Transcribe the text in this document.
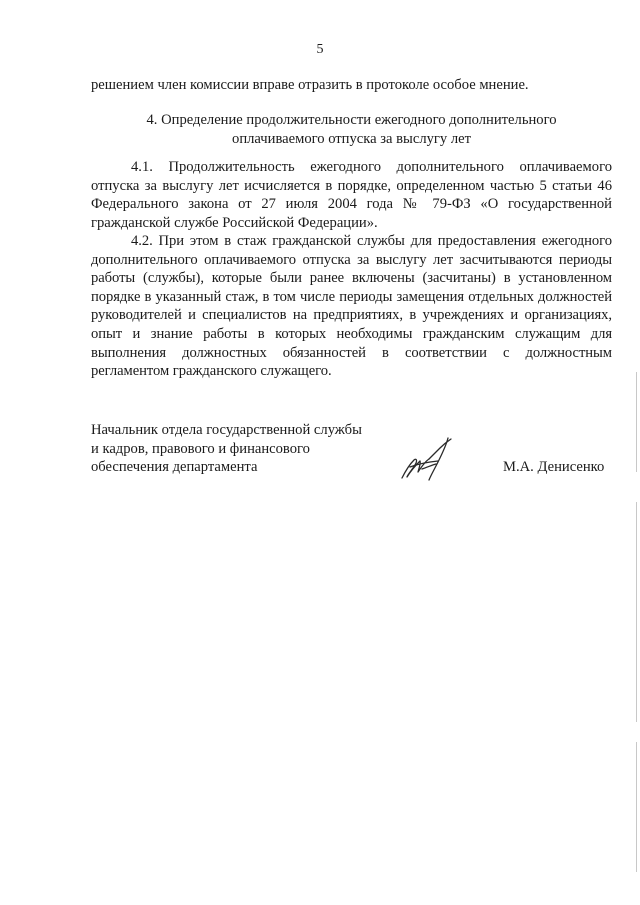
5
решением член комиссии вправе отразить в протоколе особое мнение.
4. Определение продолжительности ежегодного дополнительного
оплачиваемого отпуска за выслугу лет

4.1. Продолжительность ежегодного дополнительного оплачиваемого отпуска за выслугу лет исчисляется в порядке, определенном частью 5 статьи 46 Федерального закона от 27 июля 2004 года № 79-ФЗ «О государственной гражданской службе Российской Федерации».

4.2. При этом в стаж гражданской службы для предоставления ежегодного дополнительного оплачиваемого отпуска за выслугу лет засчитываются периоды работы (службы), которые были ранее включены (засчитаны) в установленном порядке в указанный стаж, в том числе периоды замещения отдельных должностей руководителей и специалистов на предприятиях, в учреждениях и организациях, опыт и знание работы в которых необходимы гражданским служащим для выполнения должностных обязанностей в соответствии с должностным регламентом гражданского служащего.

Начальник отдела государственной службы
и кадров, правового и финансового
обеспечения департамента	М.А. Денисенко
